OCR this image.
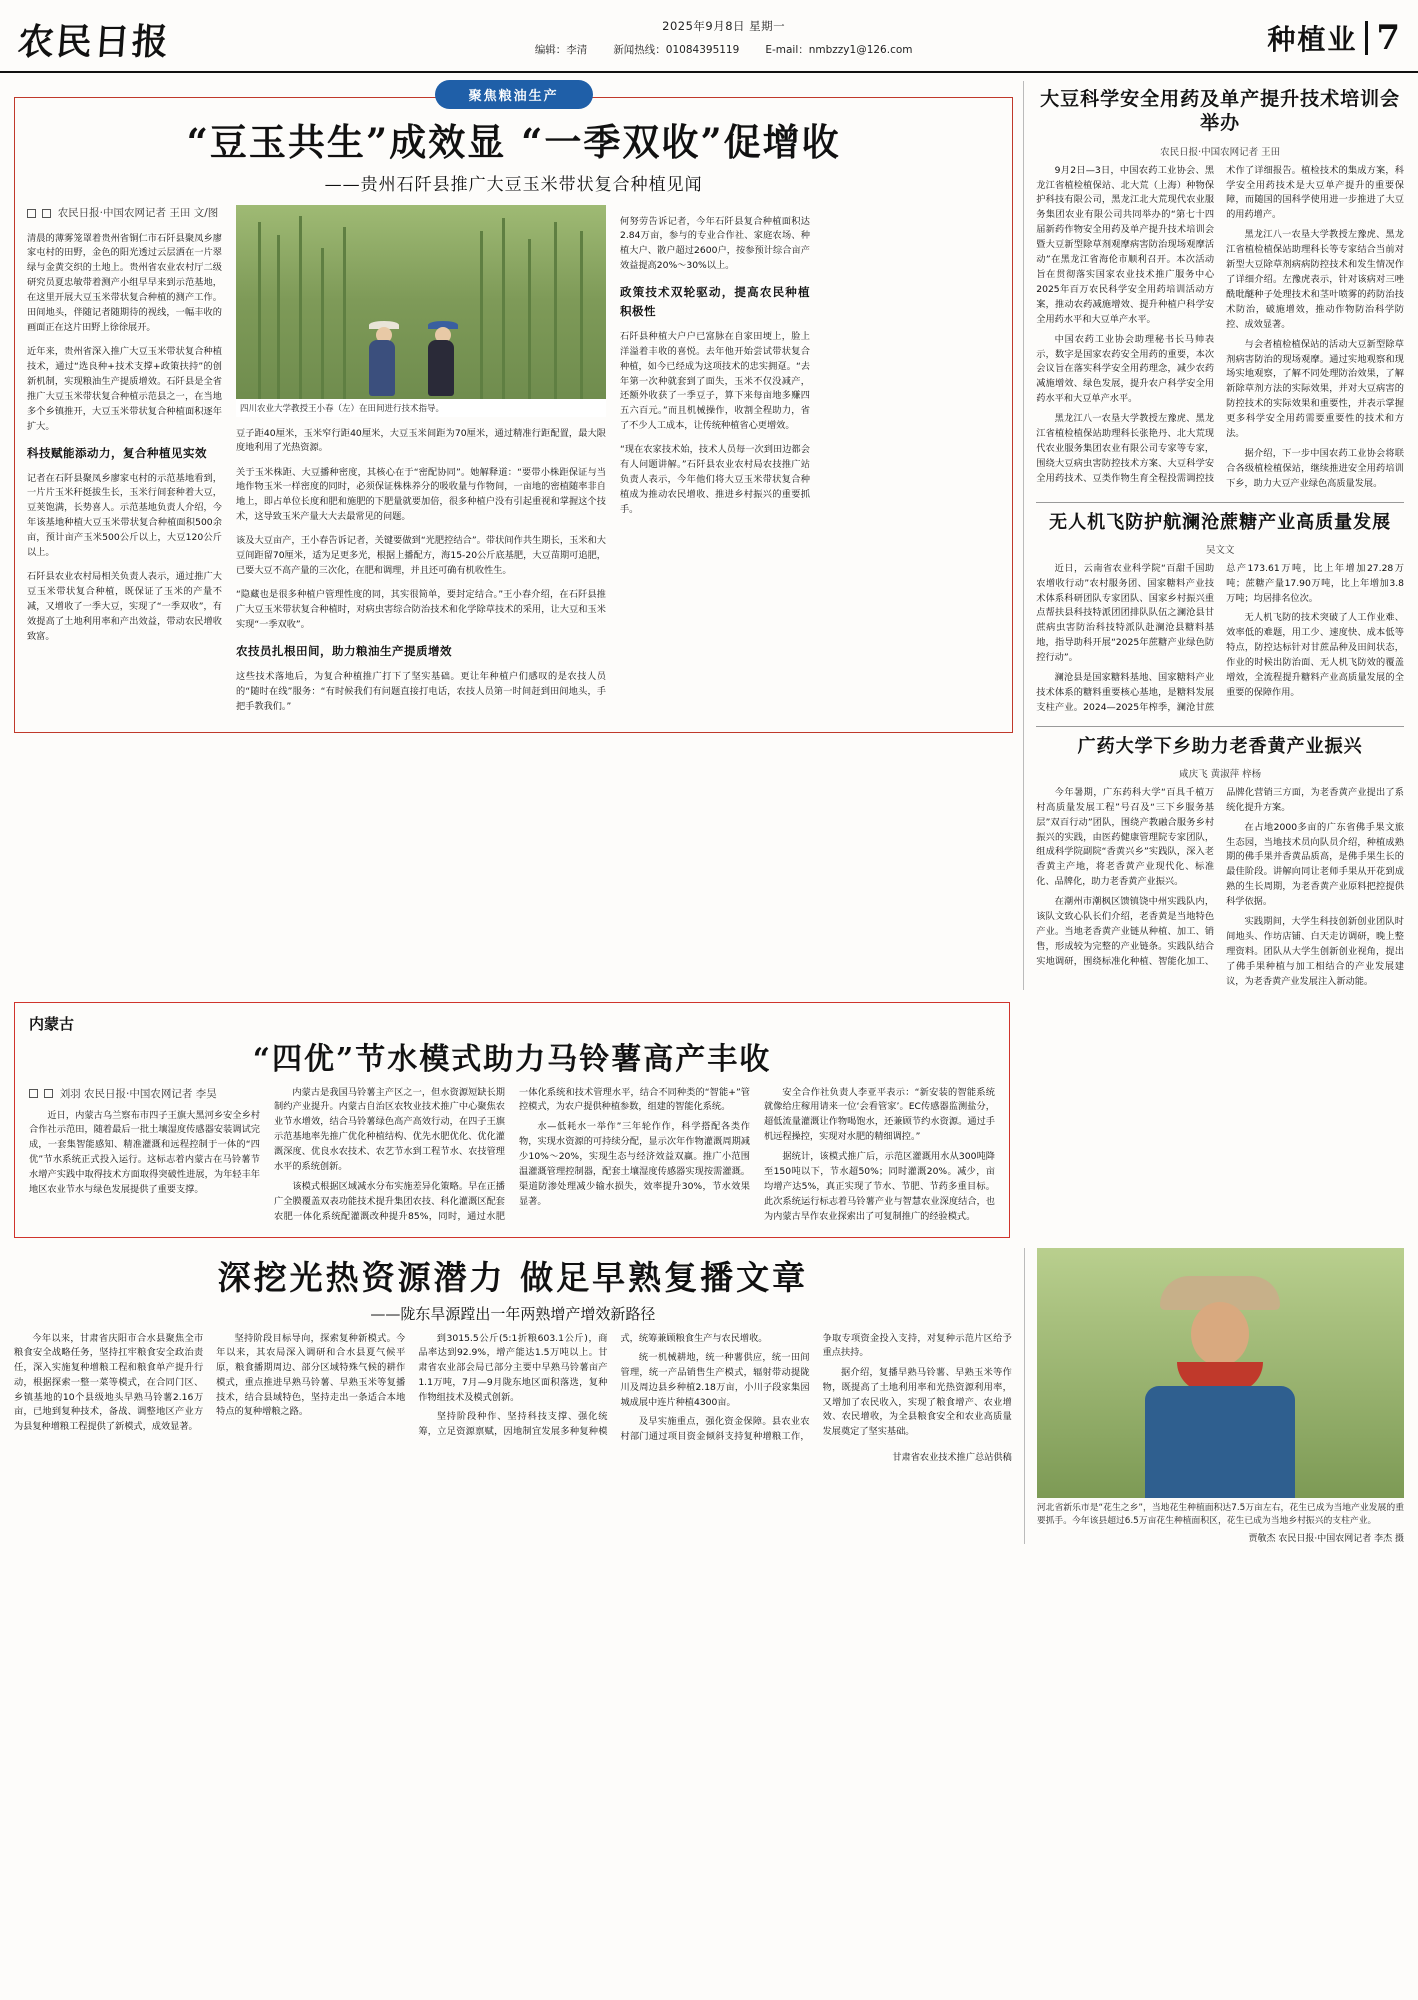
农民日报	2025年9月8日 星期一
编辑：李清 新闻热线：01084395119 E-mail：nmbzzy1@126.com	种植业 7
聚焦粮油生产
“豆玉共生”成效显 “一季双收”促增收
——贵州石阡县推广大豆玉米带状复合种植见闻
农民日报·中国农网记者 王田 文/图

清晨的薄雾笼罩着贵州省铜仁市石阡县聚凤乡廖家屯村的田野，金色的阳光透过云层洒在一片翠绿与金黄交织的土地上。贵州省农业农村厅二级研究员夏忠敏带着测产小组早早来到示范基地，在这里开展大豆玉米带状复合种植的测产工作。田间地头，伴随记者随期待的视线，一幅丰收的画面正在这片田野上徐徐展开。

近年来，贵州省深入推广大豆玉米带状复合种植技术，通过“选良种+技术支撑+政策扶持”的创新机制，实现粮油生产提质增效。石阡县是全省推广大豆玉米带状复合种植示范县之一，在当地多个乡镇推开，大豆玉米带状复合种植面积逐年扩大。

科技赋能添动力，复合种植见实效

记者在石阡县聚凤乡廖家屯村的示范基地看到，一片片玉米秆挺拔生长，玉米行间套种着大豆，豆荚饱满，长势喜人。示范基地负责人介绍，今年该基地种植大豆玉米带状复合种植面积500余亩，预计亩产玉米500公斤以上，大豆120公斤以上。

石阡县农业农村局相关负责人表示，通过推广大豆玉米带状复合种植，既保证了玉米的产量不减，又增收了一季大豆，实现了“一季双收”，有效提高了土地利用率和产出效益，带动农民增收致富。

四川农业大学教授王小春（左）在田间进行技术指导。

豆子距40厘米，玉米窄行距40厘米，大豆玉米间距为70厘米，通过精准行距配置，最大限度地利用了光热资源。

关于玉米株距、大豆播种密度，其核心在于“密配协同”。她解释道：“要带小株距保证与当地作物玉米一样密度的同时，必须保证株株养分的吸收量与作物间，一亩地的密植随率非自地上，即占单位长度和肥和施肥的下肥量就要加倍，很多种植户没有引起重视和掌握这个技术，这导致玉米产量大大去最常见的问题。

该及大豆亩产，王小春告诉记者，关键要做到“光肥控结合”。带状间作共生期长，玉米和大豆间距留70厘米，适为足更多光，根据上播配方，海15-20公斤底基肥，大豆苗期可追肥，已要大豆不高产量的三次化，在肥和调理，并且还可确有机收性生。

“隐藏也是很多种植户管理性度的同，其实很简单，要封定结合。”王小春介绍，在石阡县推广大豆玉米带状复合种植时，对病虫害综合防治技术和化学除草技术的采用，让大豆和玉米实现“一季双收”。

农技员扎根田间，助力粮油生产提质增效

这些技术落地后，为复合种植推广打下了坚实基础。更让年种植户们感叹的是农技人员的“随时在线”服务：“有时候我们有问题直接打电话，农技人员第一时间赶到田间地头，手把手教我们。”

何努劳告诉记者，今年石阡县复合种植面积达2.84万亩，参与的专业合作社、家庭农场、种植大户、散户超过2600户，按参预计综合亩产效益提高20%～30%以上。

政策技术双轮驱动，提高农民种植积极性

石阡县种植大户户已富脉在自家田埂上，脸上洋溢着丰收的喜悦。去年他开始尝试带状复合种植，如今已经成为这项技术的忠实拥趸。“去年第一次种就套到了面失，玉米不仅没减产，还额外收获了一季豆子，算下来每亩地多赚四五六百元。”而且机械操作，收割全程助力，省了不少人工成本，让传统种植省心更增效。

“现在农家技术始，技术人员每一次到田边都会有人问题讲解。”石阡县农业农村局农技推广站负责人表示，今年他们将大豆玉米带状复合种植成为推动农民增收、推进乡村振兴的重要抓手。

大豆科学安全用药及单产提升技术培训会举办
农民日报·中国农网记者 王田

9月2日—3日，中国农药工业协会、黑龙江省植检植保站、北大荒（上海）种物保护科技有限公司，黑龙江北大荒现代农业服务集团农业有限公司共同举办的“第七十四届新药作物安全用药及单产提升技术培训会暨大豆新型除草剂观摩病害防治现场观摩活动”在黑龙江省海伦市顺利召开。本次活动旨在贯彻落实国家农业技术推广服务中心2025年百万农民科学安全用药培训活动方案，推动农药减施增效、提升种植户科学安全用药水平和大豆单产水平。

中国农药工业协会助理秘书长马帅表示，数字是国家农药安全用药的重要，本次会议旨在落实科学安全用药理念，减少农药减施增效、绿色发展，提升农户科学安全用药水平和大豆单产水平。

黑龙江八一农垦大学教授左豫虎、黑龙江省植检植保站助理科长张艳丹、北大荒现代农业服务集团农业有限公司专家等专家，围绕大豆病虫害防控技术方案、大豆科学安全用药技术、豆类作物生育全程投需调控技术作了详细报告。植检技术的集成方案，科学安全用药技术是大豆单产提升的重要保障，而随国的国科学使用进一步推进了大豆的用药增产。

黑龙江八一农垦大学教授左豫虎、黑龙江省植检植保站助理科长等专家结合当前对新型大豆除草剂病病防控技术和发生情况作了详细介绍。左豫虎表示，针对该病对三唑酰吡醚种子处理技术和茎叶喷雾的药防治技术防治，破施增效，推动作物防治科学防控、成效显著。

与会者植检植保站的活动大豆新型除草剂病害防治的现场观摩。通过实地观察和现场实地观察，了解不同处理防治效果，了解新除草剂方法的实际效果，并对大豆病害的防控技术的实际效果和重要性，并表示掌握更多科学安全用药需要重要性的技术和方法。

据介绍，下一步中国农药工业协会将联合各级植检植保站，继续推进安全用药培训下乡，助力大豆产业绿色高质量发展。

无人机飞防护航澜沧蔗糖产业高质量发展
吴文文

近日，云南省农业科学院“百甜千国助农增收行动”农村服务团、国家糖料产业技术体系科研团队专家团队、国家乡村振兴重点帮扶县科技特派团团排队队伍之澜沧县甘蔗病虫害防治科技特派队赴澜沧县糖料基地，指导助科开展“2025年蔗糖产业绿色防控行动”。

澜沧县是国家糖料基地、国家糖料产业技术体系的糖料重要核心基地，是糖料发展支柱产业。2024—2025年榨季，澜沧甘蔗总产173.61万吨，比上年增加27.28万吨；蔗糖产量17.90万吨，比上年增加3.8万吨；均居排名位次。

无人机飞防的技术突破了人工作业难、效率低的难题，用工少、速度快、成本低等特点，防控达标针对甘蔗品种及田间状态，作业的时候出防治面、无人机飞防效的覆盖增效，全流程提升糖料产业高质量发展的全重要的保障作用。

广药大学下乡助力老香黄产业振兴
咸庆飞 黄淑萍 梓杨

今年暑期，广东药科大学“百具千植万村高质量发展工程”号召及“三下乡服务基层”双百行动”团队，围绕产教融合服务乡村振兴的实践，由医药健康管理院专家团队，组成科学院副院“香黄兴乡”实践队，深入老香黄主产地，将老香黄产业现代化、标准化、品牌化，助力老香黄产业振兴。

在潮州市潮枫区馈镇饶中州实践队内，该队文致心队长们介绍，老香黄是当地特色产业。当地老香黄产业链从种植、加工、销售，形成较为完整的产业链条。实践队结合实地调研，围绕标准化种植、智能化加工、品牌化营销三方面，为老香黄产业提出了系统化提升方案。

在占地2000多亩的广东省佛手果文旅生态园，当地技术员向队员介绍，种植成熟期的佛手果并香黄品质高，是佛手果生长的最佳阶段。讲解向同让老师手果从开花到成熟的生长周期，为老香黄产业原料把控提供科学依据。

实践期间，大学生科技创新创业团队时间地头、作坊店铺、白天走访调研，晚上整理资料。团队从大学生创新创业视角，提出了佛手果种植与加工相结合的产业发展建议，为老香黄产业发展注入新动能。

内蒙古
“四优”节水模式助力马铃薯高产丰收
刘羽 农民日报·中国农网记者 李昊

近日，内蒙古乌兰察布市四子王旗大黑河乡安全乡村合作社示范田，随着最后一批土壤湿度传感器安装调试完成，一套集智能感知、精准灌溉和远程控制于一体的“四优”节水系统正式投入运行。这标志着内蒙古在马铃薯节水增产实践中取得技术方面取得突破性进展，为年轻丰年地区农业节水与绿色发展提供了重要支撑。

内蒙古是我国马铃薯主产区之一，但水资源短缺长期制约产业提升。内蒙古自治区农牧业技术推广中心聚焦农业节水增效，结合马铃薯绿色高产高效行动，在四子王旗示范基地率先推广优化种植结构、优先水肥优化、优化灌溉深度、优良水农技术、农艺节水到工程节水、农技管理水平的系统创新。

该模式根据区域减水分布实施差异化策略。早在正播广全膜覆盖双表功能技术提升集团农技、科化灌溉区配套农肥一体化系统配灌溉改种提升85%，同时，通过水肥一体化系统和技术管理水平，结合不同种类的“智能+”管控模式，为农户提供种植参数，组建的智能化系统。

水—低耗水一举作”三年轮作作，科学搭配各类作物，实现水资源的可持续分配，显示次年作物灌溉周期减少10%～20%，实现生态与经济效益双赢。推广小范围温灌溉管理控制器，配套土壤湿度传感器实现按需灌溉。渠道防渗处理减少输水损失，效率提升30%，节水效果显著。

安全合作社负责人李亚平表示：“新安装的智能系统就像给庄稼用请来一位‘会看管家’。EC传感器监测盐分，超低流量灌溉让作物喝饱水，还兼顾节约水资源。通过手机远程操控，实现对水肥的精细调控。”

据统计，该模式推广后，示范区灌溉用水从300吨降至150吨以下，节水超50%；同时灌溉20%。减少，亩均增产达5%，真正实现了节水、节肥、节药多重目标。此次系统运行标志着马铃薯产业与智慧农业深度结合，也为内蒙古旱作农业探索出了可复制推广的经验模式。

深挖光热资源潜力 做足早熟复播文章
——陇东旱源蹚出一年两熟增产增效新路径

今年以来，甘肃省庆阳市合水县聚焦全市粮食安全战略任务，坚持扛牢粮食安全政治责任，深入实施复种增粮工程和粮食单产提升行动，根据探索一整一菜等模式，在合同门区、乡镇基地的10个县级地头早熟马铃薯2.16万亩，已地到复种技术，备战、调整地区产业方为县复种增粮工程提供了新模式，成效显著。

坚持阶段目标导向，探索复种新模式。今年以来，其农局深入调研和合水县夏气候平原，粮食播期周边、部分区域特殊气候的耕作模式，重点推进早熟马铃薯、早熟玉米等复播技术，结合县域特色，坚持走出一条适合本地特点的复种增粮之路。

到3015.5公斤(5:1折粮603.1公斤)，商品率达到92.9%，增产能达1.5万吨以上。甘肃省农业部会局已部分主要中早熟马铃薯亩产1.1万吨，7月—9月陇东地区面积落选，复种作物组技术及模式创新。

坚持阶段种作、坚持科技支撑、强化统筹，立足资源禀赋，因地制宜发展多种复种模式，统筹兼顾粮食生产与农民增收。

统一机械耕地，统一种薯供应，统一田间管理，统一产品销售生产模式，辐射带动提陇川及周边县乡种植2.18万亩，小川子段家集园城成展中连片种植4300亩。

及早实施重点，强化资金保障。县农业农村部门通过项目资金倾斜支持复种增粮工作，争取专项资金投入支持，对复种示范片区给予重点扶持。

据介绍，复播早熟马铃薯、早熟玉米等作物，既提高了土地利用率和光热资源利用率，又增加了农民收入，实现了粮食增产、农业增效、农民增收，为全县粮食安全和农业高质量发展奠定了坚实基础。

甘肃省农业技术推广总站供稿
河北省新乐市是“花生之乡”，当地花生种植面积达7.5万亩左右，花生已成为当地产业发展的重要抓手。今年该县超过6.5万亩花生种植面积区，花生已成为当地乡村振兴的支柱产业。
贾敬杰 农民日报·中国农网记者 李杰 摄
